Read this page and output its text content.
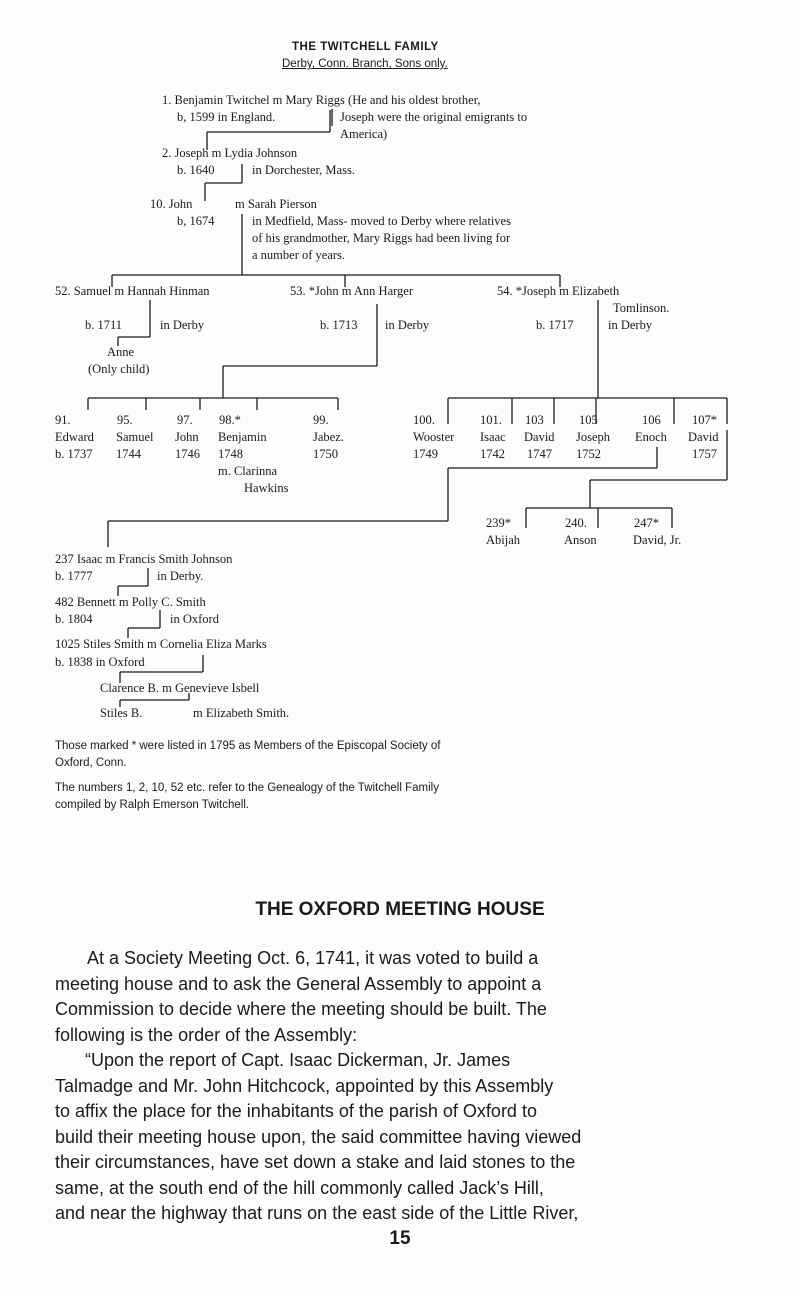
THE TWITCHELL FAMILY
Derby, Conn. Branch, Sons only.
1. Benjamin Twitchel m Mary Riggs (He and his oldest brother,
b, 1599 in England.	Joseph were the original emigrants to
America)
2. Joseph m Lydia Johnson
b. 1640	in Dorchester, Mass.
10. John	m Sarah Pierson
b, 1674	in Medfield, Mass- moved to Derby where relatives
of his grandmother, Mary Riggs had been living for
a number of years.
52. Samuel m Hannah Hinman
b. 1711	in Derby
Anne
(Only child)
53. *John m Ann Harger
b. 1713 in Derby
54. *Joseph m Elizabeth
Tomlinson.
b. 1717	in Derby
91.
Edward
b. 1737
95.
Samuel
1744
97.
John
1746
98.*
Benjamin
1748
m. Clarinna
Hawkins
99.
Jabez.
1750
100.
Wooster
1749
101.
Isaac
1742
103
David
1747
105
Joseph
1752
106
Enoch
107*
David
1757
239*
Abijah
240.
Anson
247*
David, Jr.
237 Isaac m Francis Smith Johnson
b. 1777	in Derby.
482 Bennett m Polly C. Smith
b. 1804	in Oxford
1025 Stiles Smith m Cornelia Eliza Marks
b. 1838 in Oxford
Clarence B. m Genevieve Isbell
Stiles B.	m Elizabeth Smith.
Those marked * were listed in 1795 as Members of the Episcopal Society of
Oxford, Conn.
The numbers 1, 2, 10, 52 etc. refer to the Genealogy of the Twitchell Family
compiled by Ralph Emerson Twitchell.
THE OXFORD MEETING HOUSE
At a Society Meeting Oct. 6, 1741, it was voted to build a
meeting house and to ask the General Assembly to appoint a
Commission to decide where the meeting should be built. The
following is the order of the Assembly:
“Upon the report of Capt. Isaac Dickerman, Jr. James
Talmadge and Mr. John Hitchcock, appointed by this Assembly
to affix the place for the inhabitants of the parish of Oxford to
build their meeting house upon, the said committee having viewed
their circumstances, have set down a stake and laid stones to the
same, at the south end of the hill commonly called Jack’s Hill,
and near the highway that runs on the east side of the Little River,
15
